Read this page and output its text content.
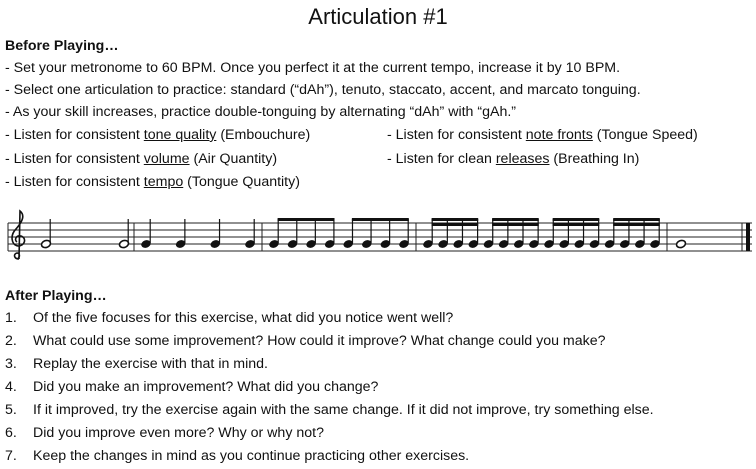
Articulation #1
Before Playing…
- Set your metronome to 60 BPM. Once you perfect it at the current tempo, increase it by 10 BPM.
- Select one articulation to practice: standard (“dAh”), tenuto, staccato, accent, and marcato tonguing.
- As your skill increases, practice double-tonguing by alternating “dAh” with “gAh.”
- Listen for consistent tone quality (Embouchure)
- Listen for consistent volume (Air Quantity)
- Listen for consistent tempo (Tongue Quantity)
- Listen for consistent note fronts (Tongue Speed)
- Listen for clean releases (Breathing In)
After Playing…
1. Of the five focuses for this exercise, what did you notice went well?
2. What could use some improvement? How could it improve? What change could you make?
3. Replay the exercise with that in mind.
4. Did you make an improvement? What did you change?
5. If it improved, try the exercise again with the same change. If it did not improve, try something else.
6. Did you improve even more? Why or why not?
7. Keep the changes in mind as you continue practicing other exercises.
